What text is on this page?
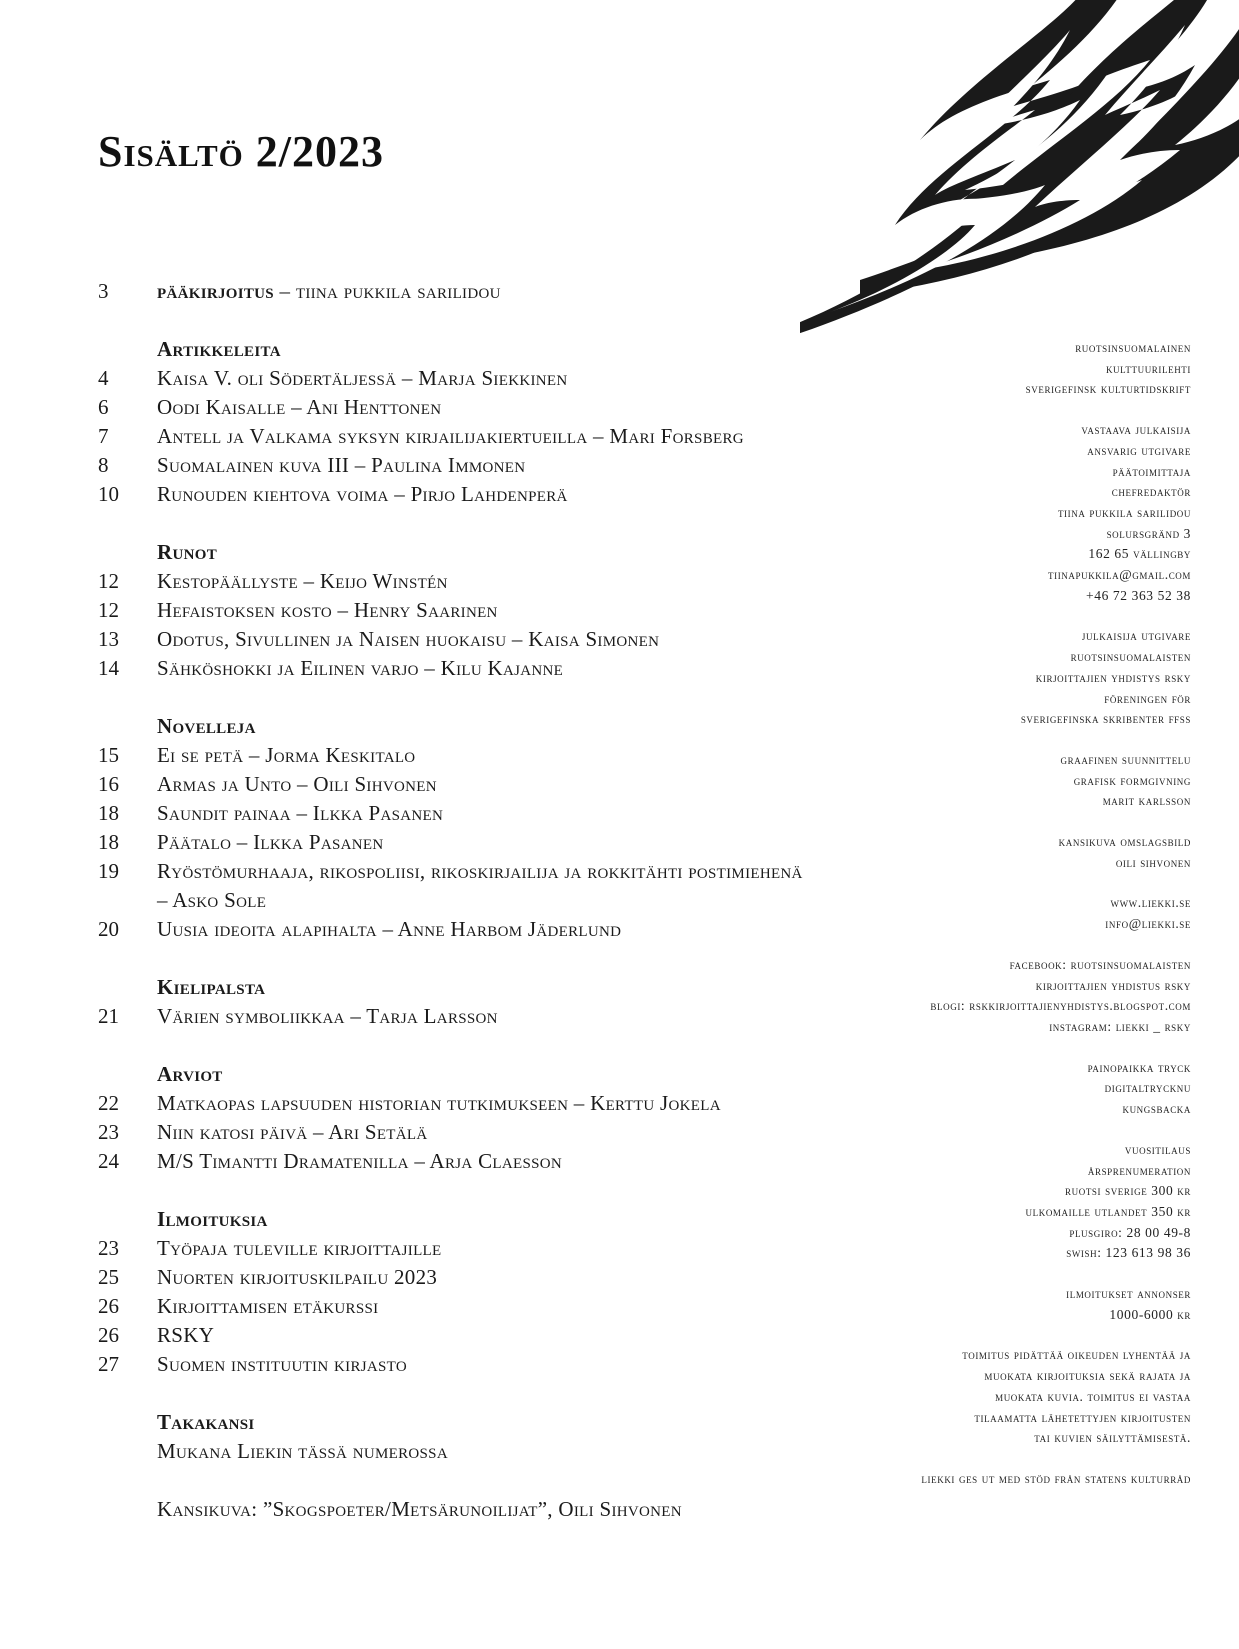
Sisältö 2/2023
3	pääkirjoitus – tiina pukkila sarilidou
Artikkeleita
4	Kaisa V. oli Södertäljessä – Marja Siekkinen
6	Oodi Kaisalle – Ani Henttonen
7	Antell ja Valkama syksyn kirjailijakiertueilla – Mari Forsberg
8	Suomalainen kuva III – Paulina Immonen
10	Runouden kiehtova voima – Pirjo Lahdenperä
Runot
12	Kestopäällyste – Keijo Winstén
12	Hefaistoksen kosto – Henry Saarinen
13	Odotus, Sivullinen ja Naisen huokaisu – Kaisa Simonen
14	Sähköshokki ja Eilinen varjo – Kilu Kajanne
Novelleja
15	Ei se petä – Jorma Keskitalo
16	Armas ja Unto – Oili Sihvonen
18	Saundit painaa – Ilkka Pasanen
18	Päätalo – Ilkka Pasanen
19	Ryöstömurhaaja, rikospoliisi, rikoskirjailija ja rokkitähti postimiehenä
– Asko Sole
20	Uusia ideoita alapihalta – Anne Harbom Jäderlund
Kielipalsta
21	Värien symboliikkaa – Tarja Larsson
Arviot
22	Matkaopas lapsuuden historian tutkimukseen – Kerttu Jokela
23	Niin katosi päivä – Ari Setälä
24	M/S Timantti Dramatenilla – Arja Claesson
Ilmoituksia
23	Työpaja tuleville kirjoittajille
25	Nuorten kirjoituskilpailu 2023
26	Kirjoittamisen etäkurssi
26	RSKY
27	Suomen instituutin kirjasto
Takakansi
Mukana Liekin tässä numerossa
Kansikuva: ”Skogspoeter/Metsärunoilijat”, Oili Sihvonen
ruotsinsuomalainen
kulttuurilehti
sverigefinsk kulturtidskrift
vastaava julkaisija
ansvarig utgivare
päätoimittaja
chefredaktör
tiina pukkila sarilidou
solursgränd 3
162 65 vällingby
tiinapukkila@gmail.com
+46 72 363 52 38
julkaisija utgivare
ruotsinsuomalaisten
kirjoittajien yhdistys rsky
föreningen för
sverigefinska skribenter ffss
graafinen suunnittelu
grafisk formgivning
marit karlsson
kansikuva omslagsbild
oili sihvonen
www.liekki.se
info@liekki.se
facebook: ruotsinsuomalaisten
kirjoittajien yhdistus rsky
blogi: rskkirjoittajienyhdistys.blogspot.com
instagram: liekki _ rsky
painopaikka tryck
digitaltrycknu
kungsbacka
vuositilaus
årsprenumeration
ruotsi sverige 300 kr
ulkomaille utlandet 350 kr
plusgiro: 28 00 49-8
swish: 123 613 98 36
ilmoitukset annonser
1000-6000 kr
toimitus pidättää oikeuden lyhentää ja
muokata kirjoituksia sekä rajata ja
muokata kuvia. toimitus ei vastaa
tilaamatta lähetettyjen kirjoitusten
tai kuvien säilyttämisestä.
liekki ges ut med stöd från statens kulturråd
